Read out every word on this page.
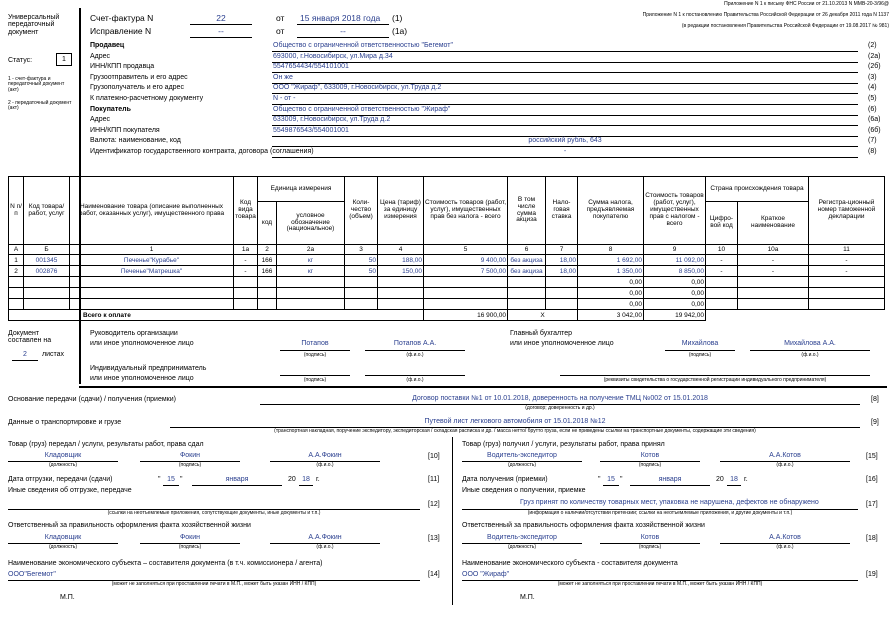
Приложение N 1 к письму ФНС России от 21.10.2013 N ММВ-20-3/96@
Приложение N 1 к постановлению Правительства Российской Федерации от 26 декабря 2011 года N 1137
(в редакции постановления Правительства Российской Федерации от 19.08.2017 № 981)
Универсальный передаточный документ
Статус:	1
1 - счет-фактура и передаточный документ (акт)
2 - передаточный документ (акт)
Счет-фактура N	22	от 15 января 2018 года (1)
Исправление N	--	от	--	(1а)
Продавец	Общество с ограниченной ответственностью "Бегемот"	(2)
Адрес	693000, г.Новосибирск, ул.Мира д.34	(2а)
ИНН/КПП продавца	5547654434/554101001	(2б)
Грузоотправитель и его адрес	Он же	(3)
Грузополучатель и его адрес	ООО "Жираф", 633009, г.Новосибирск, ул.Труда д.2	(4)
К платежно-расчетному документу	N - от -	(5)
Покупатель	Общество с ограниченной ответственностью "Жираф"	(6)
Адрес	633009, г.Новосибирск, ул.Труда д.2	(6а)
ИНН/КПП покупателя	5549876543/554001001	(6б)
Валюта: наименование, код	российский рубль, 643	(7)
Идентификатор государственного контракта, договора (соглашения)	-	(8)
N п/п	Код товара/ работ, услуг	Наименование товара (описание выполненных работ, оказанных услуг), имущественного права	Код вида товара	Единица измерения		Коли-чество (объем)	Цена (тариф) за единицу измерения	Стоимость товаров (работ, услуг), имущественных прав без налога - всего	В том числе сумма акциза	Нало-говая ставка	Сумма налога, предъявляемая покупателю	Стоимость товаров (работ, услуг), имущественных прав с налогом - всего	Страна происхождения товара		Регистра-ционный номер таможенной декларации
				код	условное обозначение (национальное)								Цифро-вой код	Краткое наименование	
А	Б	1	1а	2	2а	3	4	5	6	7	8	9	10	10а	11
1	001345	Печенье"Курабье"	-	166	кг	50	188,00	9 400,00	без акциза	18,00	1 692,00	11 092,00	-	-	-
2	002876	Печенье"Матрешка"	-	166	кг	50	150,00	7 500,00	без акциза	18,00	1 350,00	8 850,00	-	-	-
											0,00	0,00			
											0,00	0,00			
											0,00	0,00			
Всего к оплате								16 900,00	Х		3 042,00	19 942,00			
Документ составлен на
2	листах
Руководитель организации
или иное уполномоченное лицо	Потапов
(подпись)
Потапов А.А.
(ф.и.о.)
Главный бухгалтер
или иное уполномоченное лицо	Михайлова
(подпись)
Михайлова А.А.
(ф.и.о.)
Индивидуальный предприниматель
или иное уполномоченное лицо	(подпись)	(ф.и.о.)	(реквизиты свидетельства о государственной регистрации индивидуального предпринимателя)
Основание передачи (сдачи) / получения (приемки)	Договор поставки №1 от 10.01.2018, доверенность на получение ТМЦ №002 от 15.01.2018	[8]
(договор; доверенность и др.)
Данные о транспортировке и грузе	Путевой лист легкового автомобиля от 15.01.2018 №12	[9]
(транспортная накладная, поручение экспедитору, экспедиторская / складская расписка и др. / масса нетто/ брутто груза, если не приведены ссылки на транспортные документы, содержащие эти сведения)
Товар (груз) передал / услуги, результаты работ, права сдал
Кладовщик
(должность)
Фокин
(подпись)
А.А.Фокин
(ф.и.о.)
[10]
Дата отгрузки, передачи (сдачи)	" 15 "	января	20 18 г.	[11]
Иные сведения об отгрузке, передаче
[12]
(ссылки на неотъемлемые приложения, сопутствующие документы, иные документы и т.п.)
Ответственный за правильность оформления факта хозяйственной жизни
Кладовщик
(должность)
Фокин
(подпись)
А.А.Фокин
(ф.и.о.)
[13]
Наименование экономического субъекта – составителя документа (в т.ч. комиссионера / агента)
ООО"Бегемот"	[14]
(может не заполняться при проставлении печати в М.П., может быть указан ИНН / КПП)
М.П.
Товар (груз) получил / услуги, результаты работ, права принял
Водитель-экспедитор
(должность)
Котов
(подпись)
А.А.Котов
(ф.и.о.)
[15]
Дата получения (приемки)	" 15 "	января	20 18 г.	[16]
Иные сведения о получении, приемке
Груз принят по количеству товарных мест, упаковка не нарушена, дефектов не обнаружено	[17]
(информация о наличии/отсутствии претензии; ссылки на неотъемлемые приложения, и другие документы и т.п.)
Ответственный за правильность оформления факта хозяйственной жизни
Водитель-экспедитор
(должность)
Котов
(подпись)
А.А.Котов
(ф.и.о.)
[18]
Наименование экономического субъекта - составителя документа
ООО "Жираф"	[19]
(может не заполняться при проставлении печати в М.П., может быть указан ИНН / КПП)
М.П.
